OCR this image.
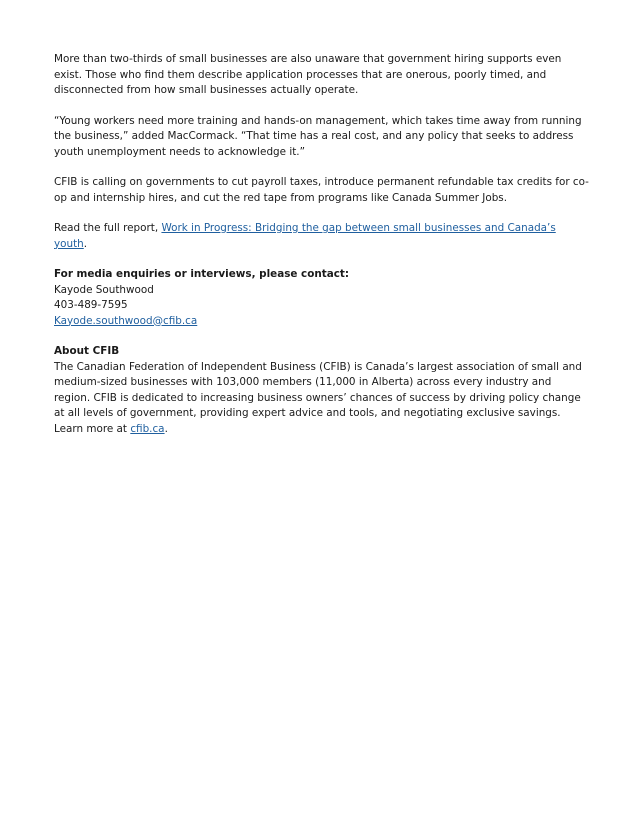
More than two-thirds of small businesses are also unaware that government hiring supports even exist. Those who find them describe application processes that are onerous, poorly timed, and disconnected from how small businesses actually operate.

“Young workers need more training and hands-on management, which takes time away from running the business,” added MacCormack. “That time has a real cost, and any policy that seeks to address youth unemployment needs to acknowledge it.”

CFIB is calling on governments to cut payroll taxes, introduce permanent refundable tax credits for co-op and internship hires, and cut the red tape from programs like Canada Summer Jobs.

Read the full report, Work in Progress: Bridging the gap between small businesses and Canada’s youth.

For media enquiries or interviews, please contact:
Kayode Southwood
403-489-7595
Kayode.southwood@cfib.ca
About CFIB
The Canadian Federation of Independent Business (CFIB) is Canada’s largest association of small and medium-sized businesses with 103,000 members (11,000 in Alberta) across every industry and region. CFIB is dedicated to increasing business owners’ chances of success by driving policy change at all levels of government, providing expert advice and tools, and negotiating exclusive savings. Learn more at cfib.ca.
